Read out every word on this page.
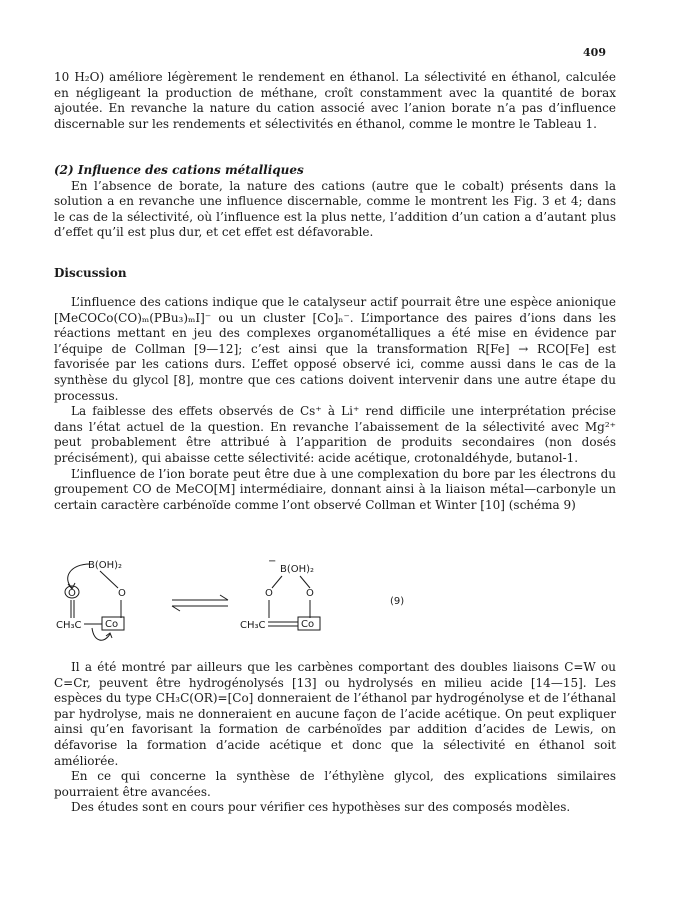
409

10 H₂O) améliore légèrement le rendement en éthanol. La sélectivité en éthanol, calculée en négligeant la production de méthane, croît constamment avec la quantité de borax ajoutée. En revanche la nature du cation associé avec l’anion borate n’a pas d’influence discernable sur les rendements et sélectivités en éthanol, comme le montre le Tableau 1.

(2) Influence des cations métalliques

En l’absence de borate, la nature des cations (autre que le cobalt) présents dans la solution a en revanche une influence discernable, comme le montrent les Fig. 3 et 4; dans le cas de la sélectivité, où l’influence est la plus nette, l’addition d’un cation a d’autant plus d’effet qu’il est plus dur, et cet effet est défavorable.

Discussion

L’influence des cations indique que le catalyseur actif pourrait être une espèce anionique [MeCOCo(CO)ₘ(PBu₃)ₘI]⁻ ou un cluster [Co]ₙ⁻. L’importance des paires d’ions dans les réactions mettant en jeu des complexes organométalliques a été mise en évidence par l’équipe de Collman [9—12]; c’est ainsi que la transformation R[Fe] → RCO[Fe] est favorisée par les cations durs. L’effet opposé observé ici, comme aussi dans le cas de la synthèse du glycol [8], montre que ces cations doivent intervenir dans une autre étape du processus.

La faiblesse des effets observés de Cs⁺ à Li⁺ rend difficile une interprétation précise dans l’état actuel de la question. En revanche l’abaissement de la sélectivité avec Mg²⁺ peut probablement être attribué à l’apparition de produits secondaires (non dosés précisément), qui abaisse cette sélectivité: acide acétique, crotonaldéhyde, butanol-1.

L’influence de l’ion borate peut être due à une complexation du bore par les électrons du groupement CO de MeCO[M] intermédiaire, donnant ainsi à la liaison métal—carbonyle un certain caractère carbénoïde comme l’ont observé Collman et Winter [10] (schéma 9)

B(OH)₂
O	O
CH₃C Co
−
B(OH)₂
O	O
CH₃C	Co
(9)

Il a été montré par ailleurs que les carbènes comportant des doubles liaisons C=W ou C=Cr, peuvent être hydrogénolysés [13] ou hydrolysés en milieu acide [14—15]. Les espèces du type CH₃C(OR)=[Co] donneraient de l’éthanol par hydrogénolyse et de l’éthanal par hydrolyse, mais ne donneraient en aucune façon de l’acide acétique. On peut expliquer ainsi qu’en favorisant la formation de carbénoïdes par addition d’acides de Lewis, on défavorise la formation d’acide acétique et donc que la sélectivité en éthanol soit améliorée.

En ce qui concerne la synthèse de l’éthylène glycol, des explications similaires pourraient être avancées.

Des études sont en cours pour vérifier ces hypothèses sur des composés modèles.
